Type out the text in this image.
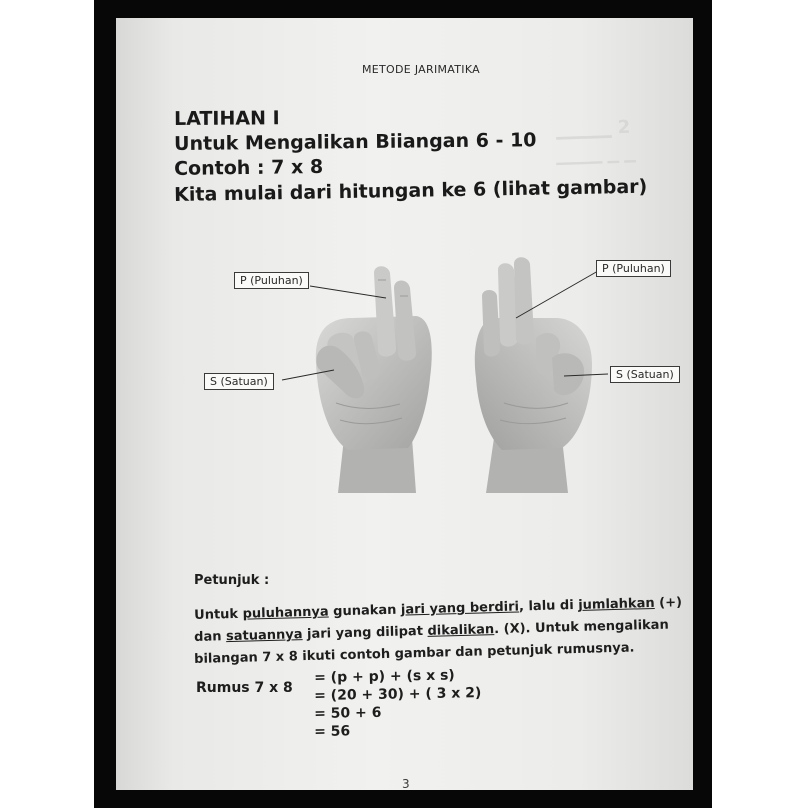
▁▁▁▁ 2
▁▁▁▁ ▁ ▁
METODE JARIMATIKA
LATIHAN I
Untuk Mengalikan Biiangan 6 - 10
Contoh : 7 x 8
Kita mulai dari hitungan ke 6 (lihat gambar)
3
P (Puluhan)
S (Satuan)
P (Puluhan)
S (Satuan)
Petunjuk :
Untuk puluhannya gunakan jari yang berdiri, lalu di jumlahkan (+)
dan satuannya jari yang dilipat dikalikan. (X). Untuk mengalikan
bilangan 7 x 8 ikuti contoh gambar dan petunjuk rumusnya.
Rumus 7 x 8
= (p + p) + (s x s)
= (20 + 30) + ( 3 x 2)
= 50 + 6
= 56
